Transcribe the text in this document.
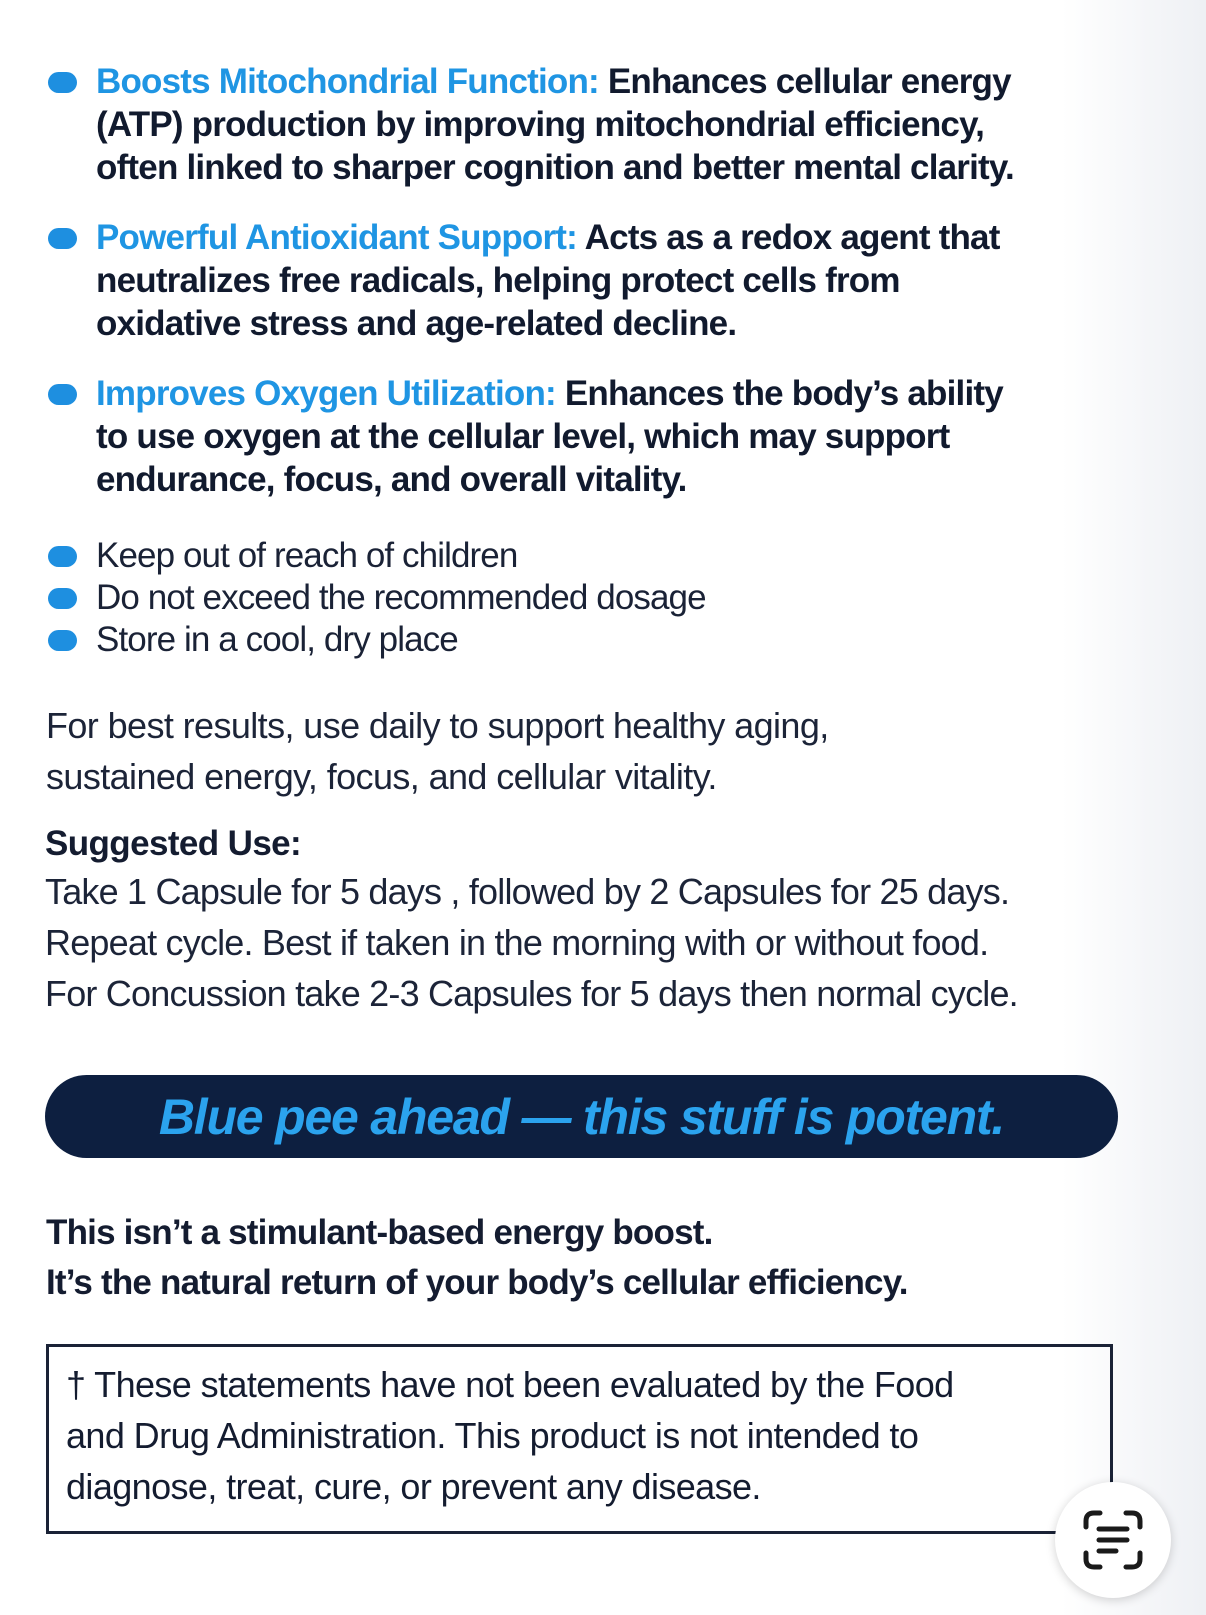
Boosts Mitochondrial Function: Enhances cellular energy
(ATP) production by improving mitochondrial efficiency,
often linked to sharper cognition and better mental clarity.
Powerful Antioxidant Support: Acts as a redox agent that
neutralizes free radicals, helping protect cells from
oxidative stress and age-related decline.
Improves Oxygen Utilization: Enhances the body’s ability
to use oxygen at the cellular level, which may support
endurance, focus, and overall vitality.
Keep out of reach of children
Do not exceed the recommended dosage
Store in a cool, dry place
For best results, use daily to support healthy aging,
sustained energy, focus, and cellular vitality.
Suggested Use:
Take 1 Capsule for 5 days , followed by 2 Capsules for 25 days.
Repeat cycle. Best if taken in the morning with or without food.
For Concussion take 2-3 Capsules for 5 days then normal cycle.
Blue pee ahead — this stuff is potent.
This isn’t a stimulant-based energy boost.
It’s the natural return of your body’s cellular efficiency.
† These statements have not been evaluated by the Food
and Drug Administration. This product is not intended to
diagnose, treat, cure, or prevent any disease.
